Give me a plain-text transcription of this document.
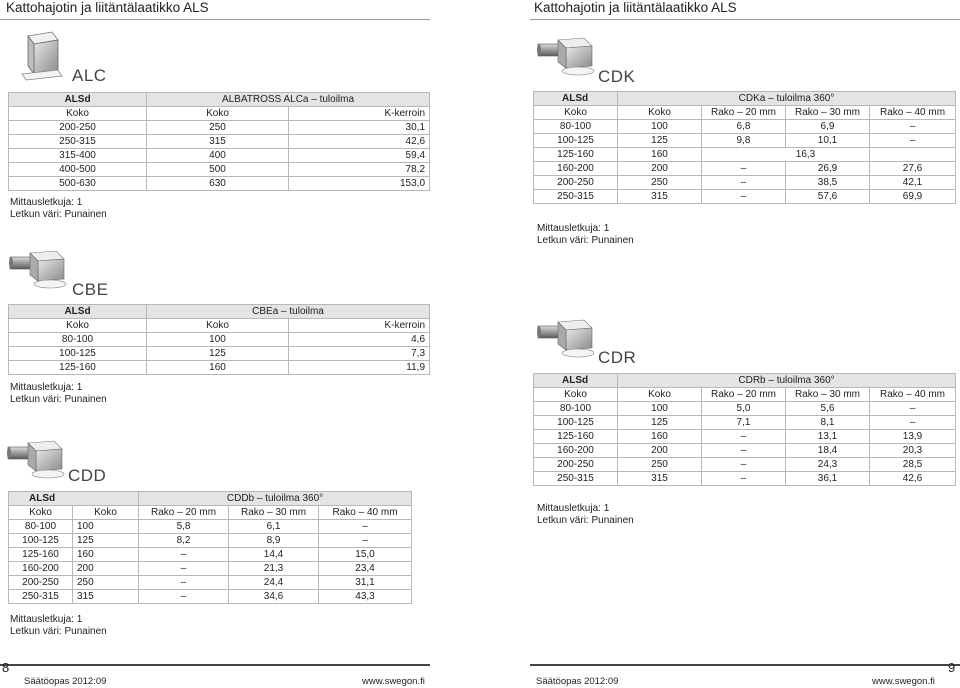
Kattohajotin ja liitäntälaatikko ALS	Kattohajotin ja liitäntälaatikko ALS
ALC
ALSd	ALBATROSS ALCa – tuloilma	
Koko	Koko	K-kerroin
200-250	250	30,1
250-315	315	42,6
315-400	400	59,4
400-500	500	78,2
500-630	630	153,0
Mittausletkuja: 1
Letkun väri: Punainen
CBE
ALSd	CBEa – tuloilma	
Koko	Koko	K-kerroin
80-100	100	4,6
100-125	125	7,3
125-160	160	11,9
Mittausletkuja: 1
Letkun väri: Punainen
CDD
ALSd		CDDb – tuloilma 360°		
Koko	Koko	Rako – 20 mm	Rako – 30 mm	Rako – 40 mm
80-100	100	5,8	6,1	–
100-125	125	8,2	8,9	–
125-160	160	–	14,4	15,0
160-200	200	–	21,3	23,4
200-250	250	–	24,4	31,1
250-315	315	–	34,6	43,3
Mittausletkuja: 1
Letkun väri: Punainen
CDK
ALSd	CDKa – tuloilma 360°			
Koko	Koko	Rako – 20 mm	Rako – 30 mm	Rako – 40 mm
80-100	100	6,8	6,9	–
100-125	125	9,8	10,1	–
125-160	160	16,3		
160-200	200	–	26,9	27,6
200-250	250	–	38,5	42,1
250-315	315	–	57,6	69,9
Mittausletkuja: 1
Letkun väri: Punainen
CDR
ALSd	CDRb – tuloilma 360°			
Koko	Koko	Rako – 20 mm	Rako – 30 mm	Rako – 40 mm
80-100	100	5,0	5,6	–
100-125	125	7,1	8,1	–
125-160	160	–	13,1	13,9
160-200	200	–	18,4	20,3
200-250	250	–	24,3	28,5
250-315	315	–	36,1	42,6
Mittausletkuja: 1
Letkun väri: Punainen
8	9
Säätöopas 2012:09	www.swegon.fi	Säätöopas 2012:09	www.swegon.fi
